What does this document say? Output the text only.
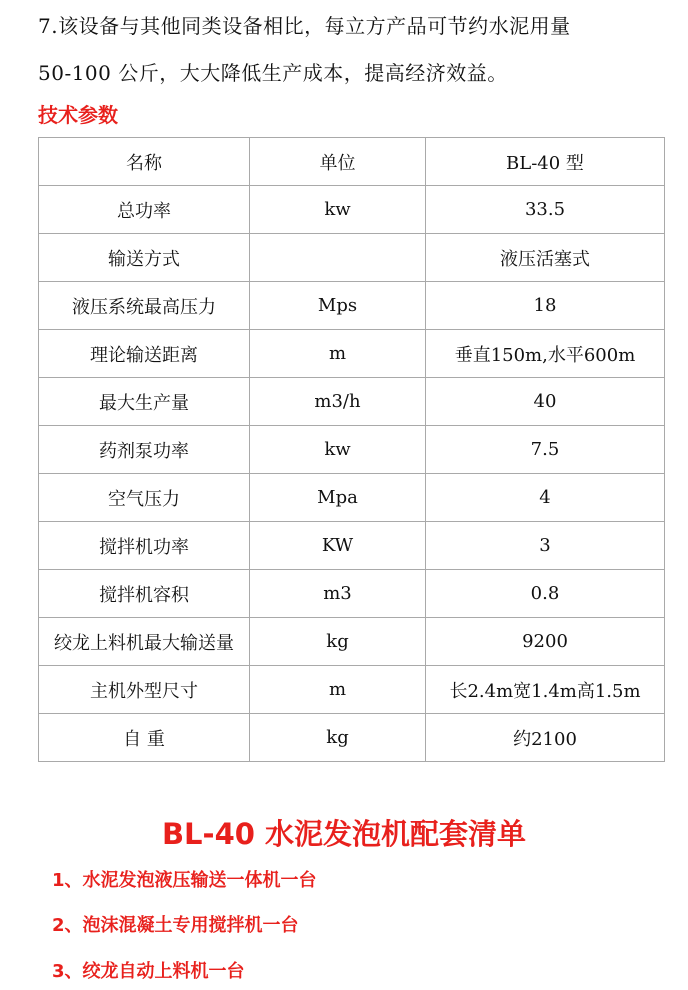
7.该设备与其他同类设备相比，每立方产品可节约水泥用量
50-100 公斤，大大降低生产成本，提高经济效益。
技术参数
名称	单位	BL-40 型
总功率	kw	33.5
输送方式		液压活塞式
液压系统最高压力	Mps	18
理论输送距离	m	垂直150m,水平600m
最大生产量	m3/h	40
药剂泵功率	kw	7.5
空气压力	Mpa	4
搅拌机功率	KW	3
搅拌机容积	m3	0.8
绞龙上料机最大输送量	kg	9200
主机外型尺寸	m	长2.4m宽1.4m高1.5m
自 重	kg	约2100
BL-40 水泥发泡机配套清单
1、水泥发泡液压输送一体机一台
2、泡沫混凝土专用搅拌机一台
3、绞龙自动上料机一台
